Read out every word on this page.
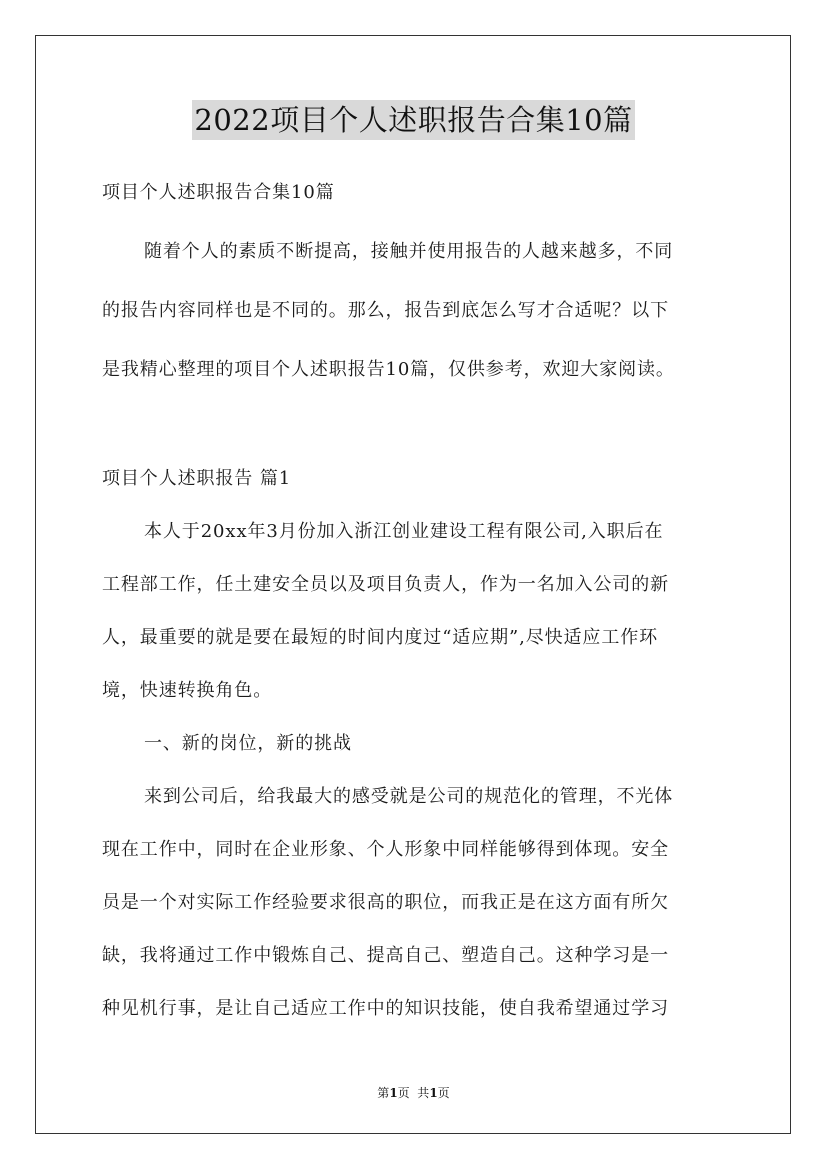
2022项目个人述职报告合集10篇
项目个人述职报告合集10篇
随着个人的素质不断提高，接触并使用报告的人越来越多，不同
的报告内容同样也是不同的。那么，报告到底怎么写才合适呢？以下
是我精心整理的项目个人述职报告10篇，仅供参考，欢迎大家阅读。
项目个人述职报告 篇1
本人于20xx年3月份加入浙江创业建设工程有限公司,入职后在
工程部工作，任土建安全员以及项目负责人，作为一名加入公司的新
人，最重要的就是要在最短的时间内度过“适应期”,尽快适应工作环
境，快速转换角色。
一、新的岗位，新的挑战
来到公司后，给我最大的感受就是公司的规范化的管理，不光体
现在工作中，同时在企业形象、个人形象中同样能够得到体现。安全
员是一个对实际工作经验要求很高的职位，而我正是在这方面有所欠
缺，我将通过工作中锻炼自己、提高自己、塑造自己。这种学习是一
种见机行事，是让自己适应工作中的知识技能，使自我希望通过学习
第1页  共1页
